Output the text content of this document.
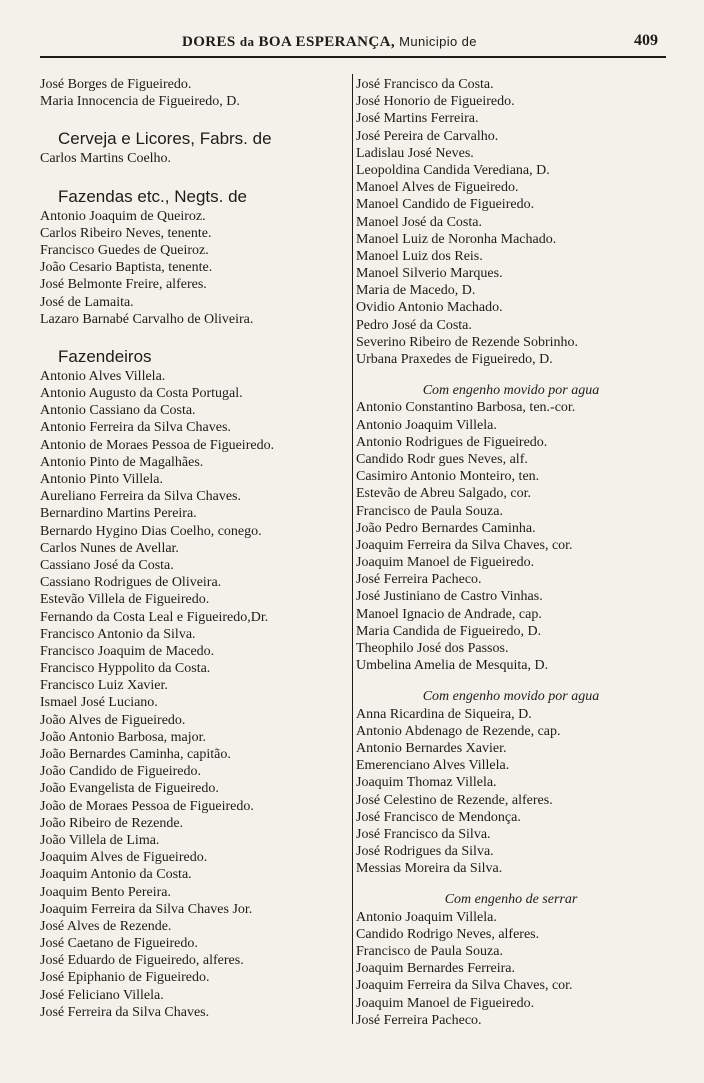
DORES da BOA ESPERANÇA, Municipio de	409
José Borges de Figueiredo.
Maria Innocencia de Figueiredo, D.
Cerveja e Licores, Fabrs. de
Carlos Martins Coelho.
Fazendas etc., Negts. de
Antonio Joaquim de Queiroz.
Carlos Ribeiro Neves, tenente.
Francisco Guedes de Queiroz.
João Cesario Baptista, tenente.
José Belmonte Freire, alferes.
José de Lamaita.
Lazaro Barnabé Carvalho de Oliveira.
Fazendeiros
Antonio Alves Villela.
Antonio Augusto da Costa Portugal.
Antonio Cassiano da Costa.
Antonio Ferreira da Silva Chaves.
Antonio de Moraes Pessoa de Figueiredo.
Antonio Pinto de Magalhães.
Antonio Pinto Villela.
Aureliano Ferreira da Silva Chaves.
Bernardino Martins Pereira.
Bernardo Hygino Dias Coelho, conego.
Carlos Nunes de Avellar.
Cassiano José da Costa.
Cassiano Rodrigues de Oliveira.
Estevão Villela de Figueiredo.
Fernando da Costa Leal e Figueiredo,Dr.
Francisco Antonio da Silva.
Francisco Joaquim de Macedo.
Francisco Hyppolito da Costa.
Francisco Luiz Xavier.
Ismael José Luciano.
João Alves de Figueiredo.
João Antonio Barbosa, major.
João Bernardes Caminha, capitão.
João Candido de Figueiredo.
João Evangelista de Figueiredo.
João de Moraes Pessoa de Figueiredo.
João Ribeiro de Rezende.
João Villela de Lima.
Joaquim Alves de Figueiredo.
Joaquim Antonio da Costa.
Joaquim Bento Pereira.
Joaquim Ferreira da Silva Chaves Jor.
José Alves de Rezende.
José Caetano de Figueiredo.
José Eduardo de Figueiredo, alferes.
José Epiphanio de Figueiredo.
José Feliciano Villela.
José Ferreira da Silva Chaves.
José Francisco da Costa.
José Honorio de Figueiredo.
José Martins Ferreira.
José Pereira de Carvalho.
Ladislau José Neves.
Leopoldina Candida Verediana, D.
Manoel Alves de Figueiredo.
Manoel Candido de Figueiredo.
Manoel José da Costa.
Manoel Luiz de Noronha Machado.
Manoel Luiz dos Reis.
Manoel Silverio Marques.
Maria de Macedo, D.
Ovidio Antonio Machado.
Pedro José da Costa.
Severino Ribeiro de Rezende Sobrinho.
Urbana Praxedes de Figueiredo, D.
Com engenho movido por agua
Antonio Constantino Barbosa, ten.-cor.
Antonio Joaquim Villela.
Antonio Rodrigues de Figueiredo.
Candido Rodr gues Neves, alf.
Casimiro Antonio Monteiro, ten.
Estevão de Abreu Salgado, cor.
Francisco de Paula Souza.
João Pedro Bernardes Caminha.
Joaquim Ferreira da Silva Chaves, cor.
Joaquim Manoel de Figueiredo.
José Ferreira Pacheco.
José Justiniano de Castro Vinhas.
Manoel Ignacio de Andrade, cap.
Maria Candida de Figueiredo, D.
Theophilo José dos Passos.
Umbelina Amelia de Mesquita, D.
Com engenho movido por agua
Anna Ricardina de Siqueira, D.
Antonio Abdenago de Rezende, cap.
Antonio Bernardes Xavier.
Emerenciano Alves Villela.
Joaquim Thomaz Villela.
José Celestino de Rezende, alferes.
José Francisco de Mendonça.
José Francisco da Silva.
José Rodrigues da Silva.
Messias Moreira da Silva.
Com engenho de serrar
Antonio Joaquim Villela.
Candido Rodrigo Neves, alferes.
Francisco de Paula Souza.
Joaquim Bernardes Ferreira.
Joaquim Ferreira da Silva Chaves, cor.
Joaquim Manoel de Figueiredo.
José Ferreira Pacheco.
